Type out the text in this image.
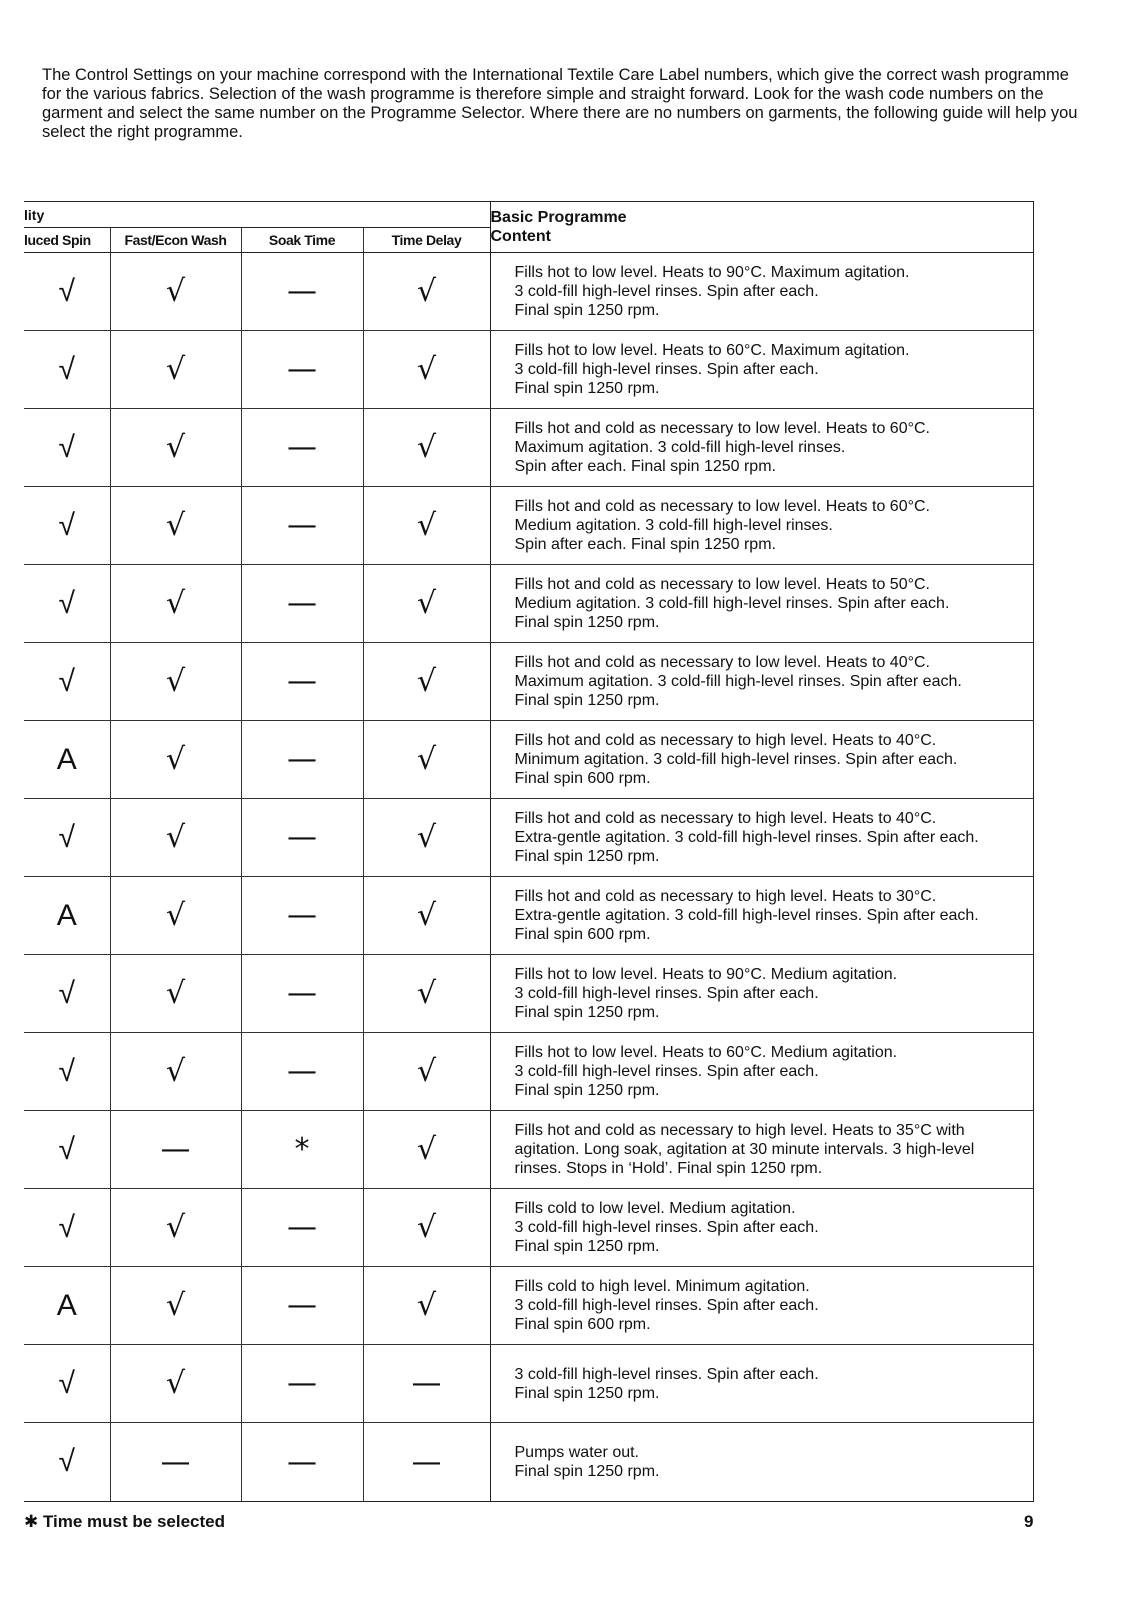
The Control Settings on your machine correspond with the International Textile Care Label numbers, which give the correct wash programme for the various fabrics. Selection of the wash programme is therefore simple and straight forward. Look for the wash code numbers on the garment and select the same number on the Programme Selector. Where there are no numbers on garments, the following guide will help you select the right programme.
lity				Basic Programme
Content

luced Spin	Fast/Econ Wash	Soak Time	Time Delay	
√	√	—	√	Fills hot to low level. Heats to 90°C. Maximum agitation.
3 cold-fill high-level rinses. Spin after each.
Final spin 1250 rpm.

√	√	—	√	Fills hot to low level. Heats to 60°C. Maximum agitation.
3 cold-fill high-level rinses. Spin after each.
Final spin 1250 rpm.

√	√	—	√	Fills hot and cold as necessary to low level. Heats to 60°C.
Maximum agitation. 3 cold-fill high-level rinses.
Spin after each. Final spin 1250 rpm.

√	√	—	√	Fills hot and cold as necessary to low level. Heats to 60°C.
Medium agitation. 3 cold-fill high-level rinses.
Spin after each. Final spin 1250 rpm.

√	√	—	√	Fills hot and cold as necessary to low level. Heats to 50°C.
Medium agitation. 3 cold-fill high-level rinses. Spin after each.
Final spin 1250 rpm.

√	√	—	√	Fills hot and cold as necessary to low level. Heats to 40°C.
Maximum agitation. 3 cold-fill high-level rinses. Spin after each.
Final spin 1250 rpm.

A	√	—	√	Fills hot and cold as necessary to high level. Heats to 40°C.
Minimum agitation. 3 cold-fill high-level rinses. Spin after each.
Final spin 600 rpm.

√	√	—	√	Fills hot and cold as necessary to high level. Heats to 40°C.
Extra-gentle agitation. 3 cold-fill high-level rinses. Spin after each.
Final spin 1250 rpm.

A	√	—	√	Fills hot and cold as necessary to high level. Heats to 30°C.
Extra-gentle agitation. 3 cold-fill high-level rinses. Spin after each.
Final spin 600 rpm.

√	√	—	√	Fills hot to low level. Heats to 90°C. Medium agitation.
3 cold-fill high-level rinses. Spin after each.
Final spin 1250 rpm.

√	√	—	√	Fills hot to low level. Heats to 60°C. Medium agitation.
3 cold-fill high-level rinses. Spin after each.
Final spin 1250 rpm.

√	—	*	√	Fills hot and cold as necessary to high level. Heats to 35°C with
agitation. Long soak, agitation at 30 minute intervals. 3 high-level
rinses. Stops in ‘Hold’. Final spin 1250 rpm.

√	√	—	√	Fills cold to low level. Medium agitation.
3 cold-fill high-level rinses. Spin after each.
Final spin 1250 rpm.

A	√	—	√	Fills cold to high level. Minimum agitation.
3 cold-fill high-level rinses. Spin after each.
Final spin 600 rpm.

√	√	—	—	3 cold-fill high-level rinses. Spin after each.
Final spin 1250 rpm.

√	—	—	—	Pumps water out.
Final spin 1250 rpm.
✱ Time must be selected	9
